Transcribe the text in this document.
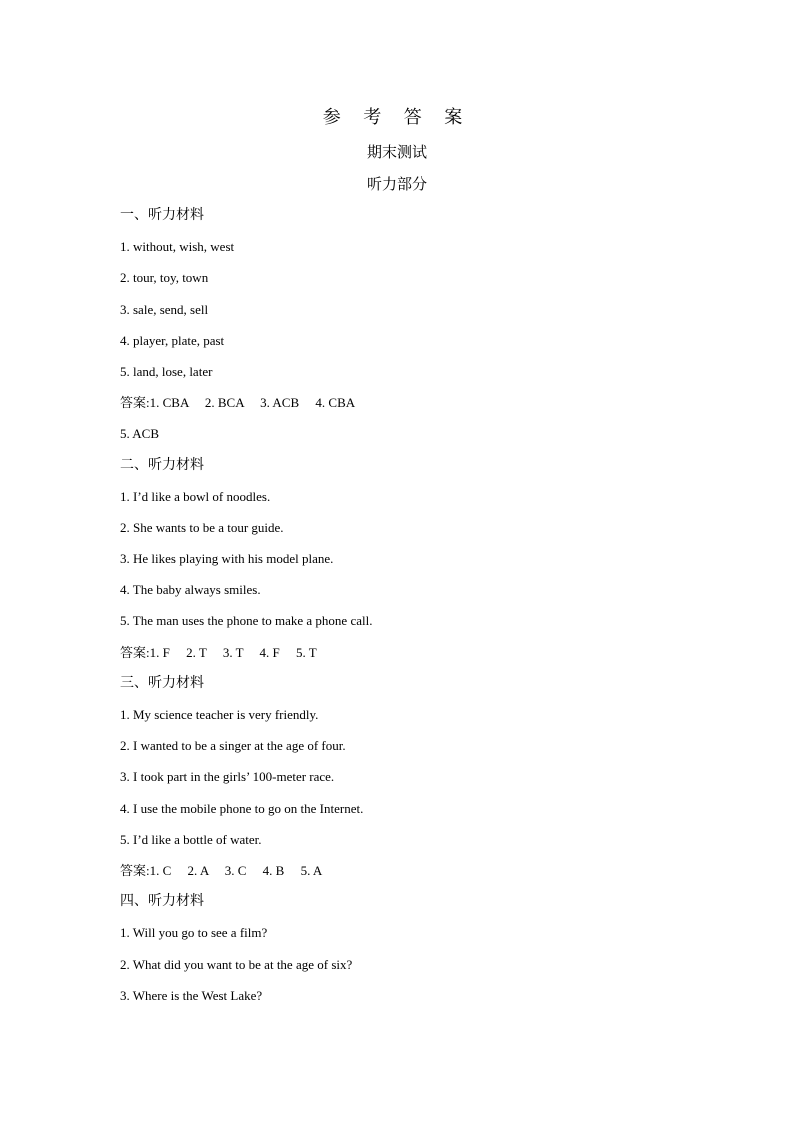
参 考 答 案
期末测试
听力部分
一、听力材料
1. without, wish, west
2. tour, toy, town
3. sale, send, sell
4. player, plate, past
5. land, lose, later
答案:1. CBA     2. BCA     3. ACB     4. CBA
5. ACB
二、听力材料
1. I’d like a bowl of noodles.
2. She wants to be a tour guide.
3. He likes playing with his model plane.
4. The baby always smiles.
5. The man uses the phone to make a phone call.
答案:1. F     2. T     3. T     4. F     5. T
三、听力材料
1. My science teacher is very friendly.
2. I wanted to be a singer at the age of four.
3. I took part in the girls’ 100-meter race.
4. I use the mobile phone to go on the Internet.
5. I’d like a bottle of water.
答案:1. C     2. A     3. C     4. B     5. A
四、听力材料
1. Will you go to see a film?
2. What did you want to be at the age of six?
3. Where is the West Lake?
